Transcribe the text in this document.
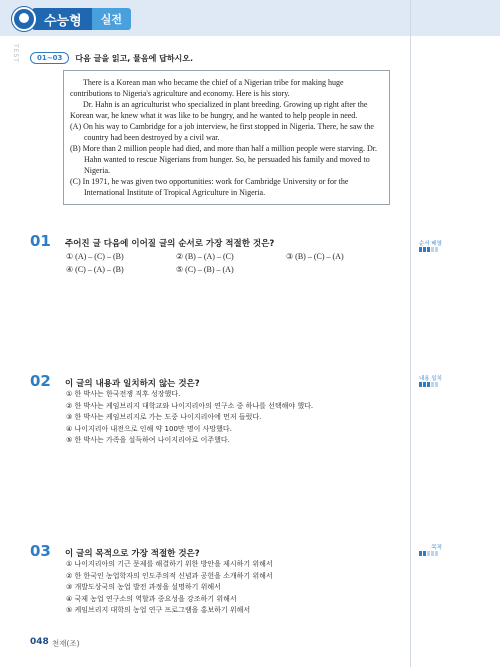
수능형	실전
TEST	01~03	다음 글을 읽고, 물음에 답하시오.

There is a Korean man who became the chief of a Nigerian tribe for making huge contributions to Nigeria's agriculture and economy. Here is his story.

Dr. Hahn is an agriculturist who specialized in plant breeding. Growing up right after the Korean war, he knew what it was like to be hungry, and he wanted to help people in need.

(A) On his way to Cambridge for a job interview, he first stopped in Nigeria. There, he saw the country had been destroyed by a civil war.

(B) More than 2 million people had died, and more than half a million people were starving. Dr. Hahn wanted to rescue Nigerians from hunger. So, he persuaded his family and moved to Nigeria.

(C) In 1971, he was given two opportunities: work for Cambridge University or for the International Institute of Tropical Agriculture in Nigeria.

01 주어진 글 다음에 이어질 글의 순서로 가장 적절한 것은?
① (A) – (C) – (B)	② (B) – (A) – (C)	③ (B) – (C) – (A)
④ (C) – (A) – (B)	⑤ (C) – (B) – (A)
순서 배열
02 이 글의 내용과 일치하지 않는 것은?
① 한 박사는 한국전쟁 직후 성장했다.
② 한 박사는 케임브리지 대학교와 나이지리아의 연구소 중 하나를 선택해야 했다.
③ 한 박사는 케임브리지로 가는 도중 나이지리아에 먼저 들렀다.
④ 나이지리아 내전으로 인해 약 100만 명이 사망했다.
⑤ 한 박사는 가족을 설득하여 나이지리아로 이주했다.
내용 일치
03 이 글의 목적으로 가장 적절한 것은?
① 나이지리아의 기근 문제를 해결하기 위한 방안을 제시하기 위해서
② 한 한국인 농업학자의 인도주의적 신념과 공헌을 소개하기 위해서
③ 개발도상국의 농업 발전 과정을 설명하기 위해서
④ 국제 농업 연구소의 역할과 중요성을 강조하기 위해서
⑤ 케임브리지 대학의 농업 연구 프로그램을 홍보하기 위해서
목적
048 천재(조)
